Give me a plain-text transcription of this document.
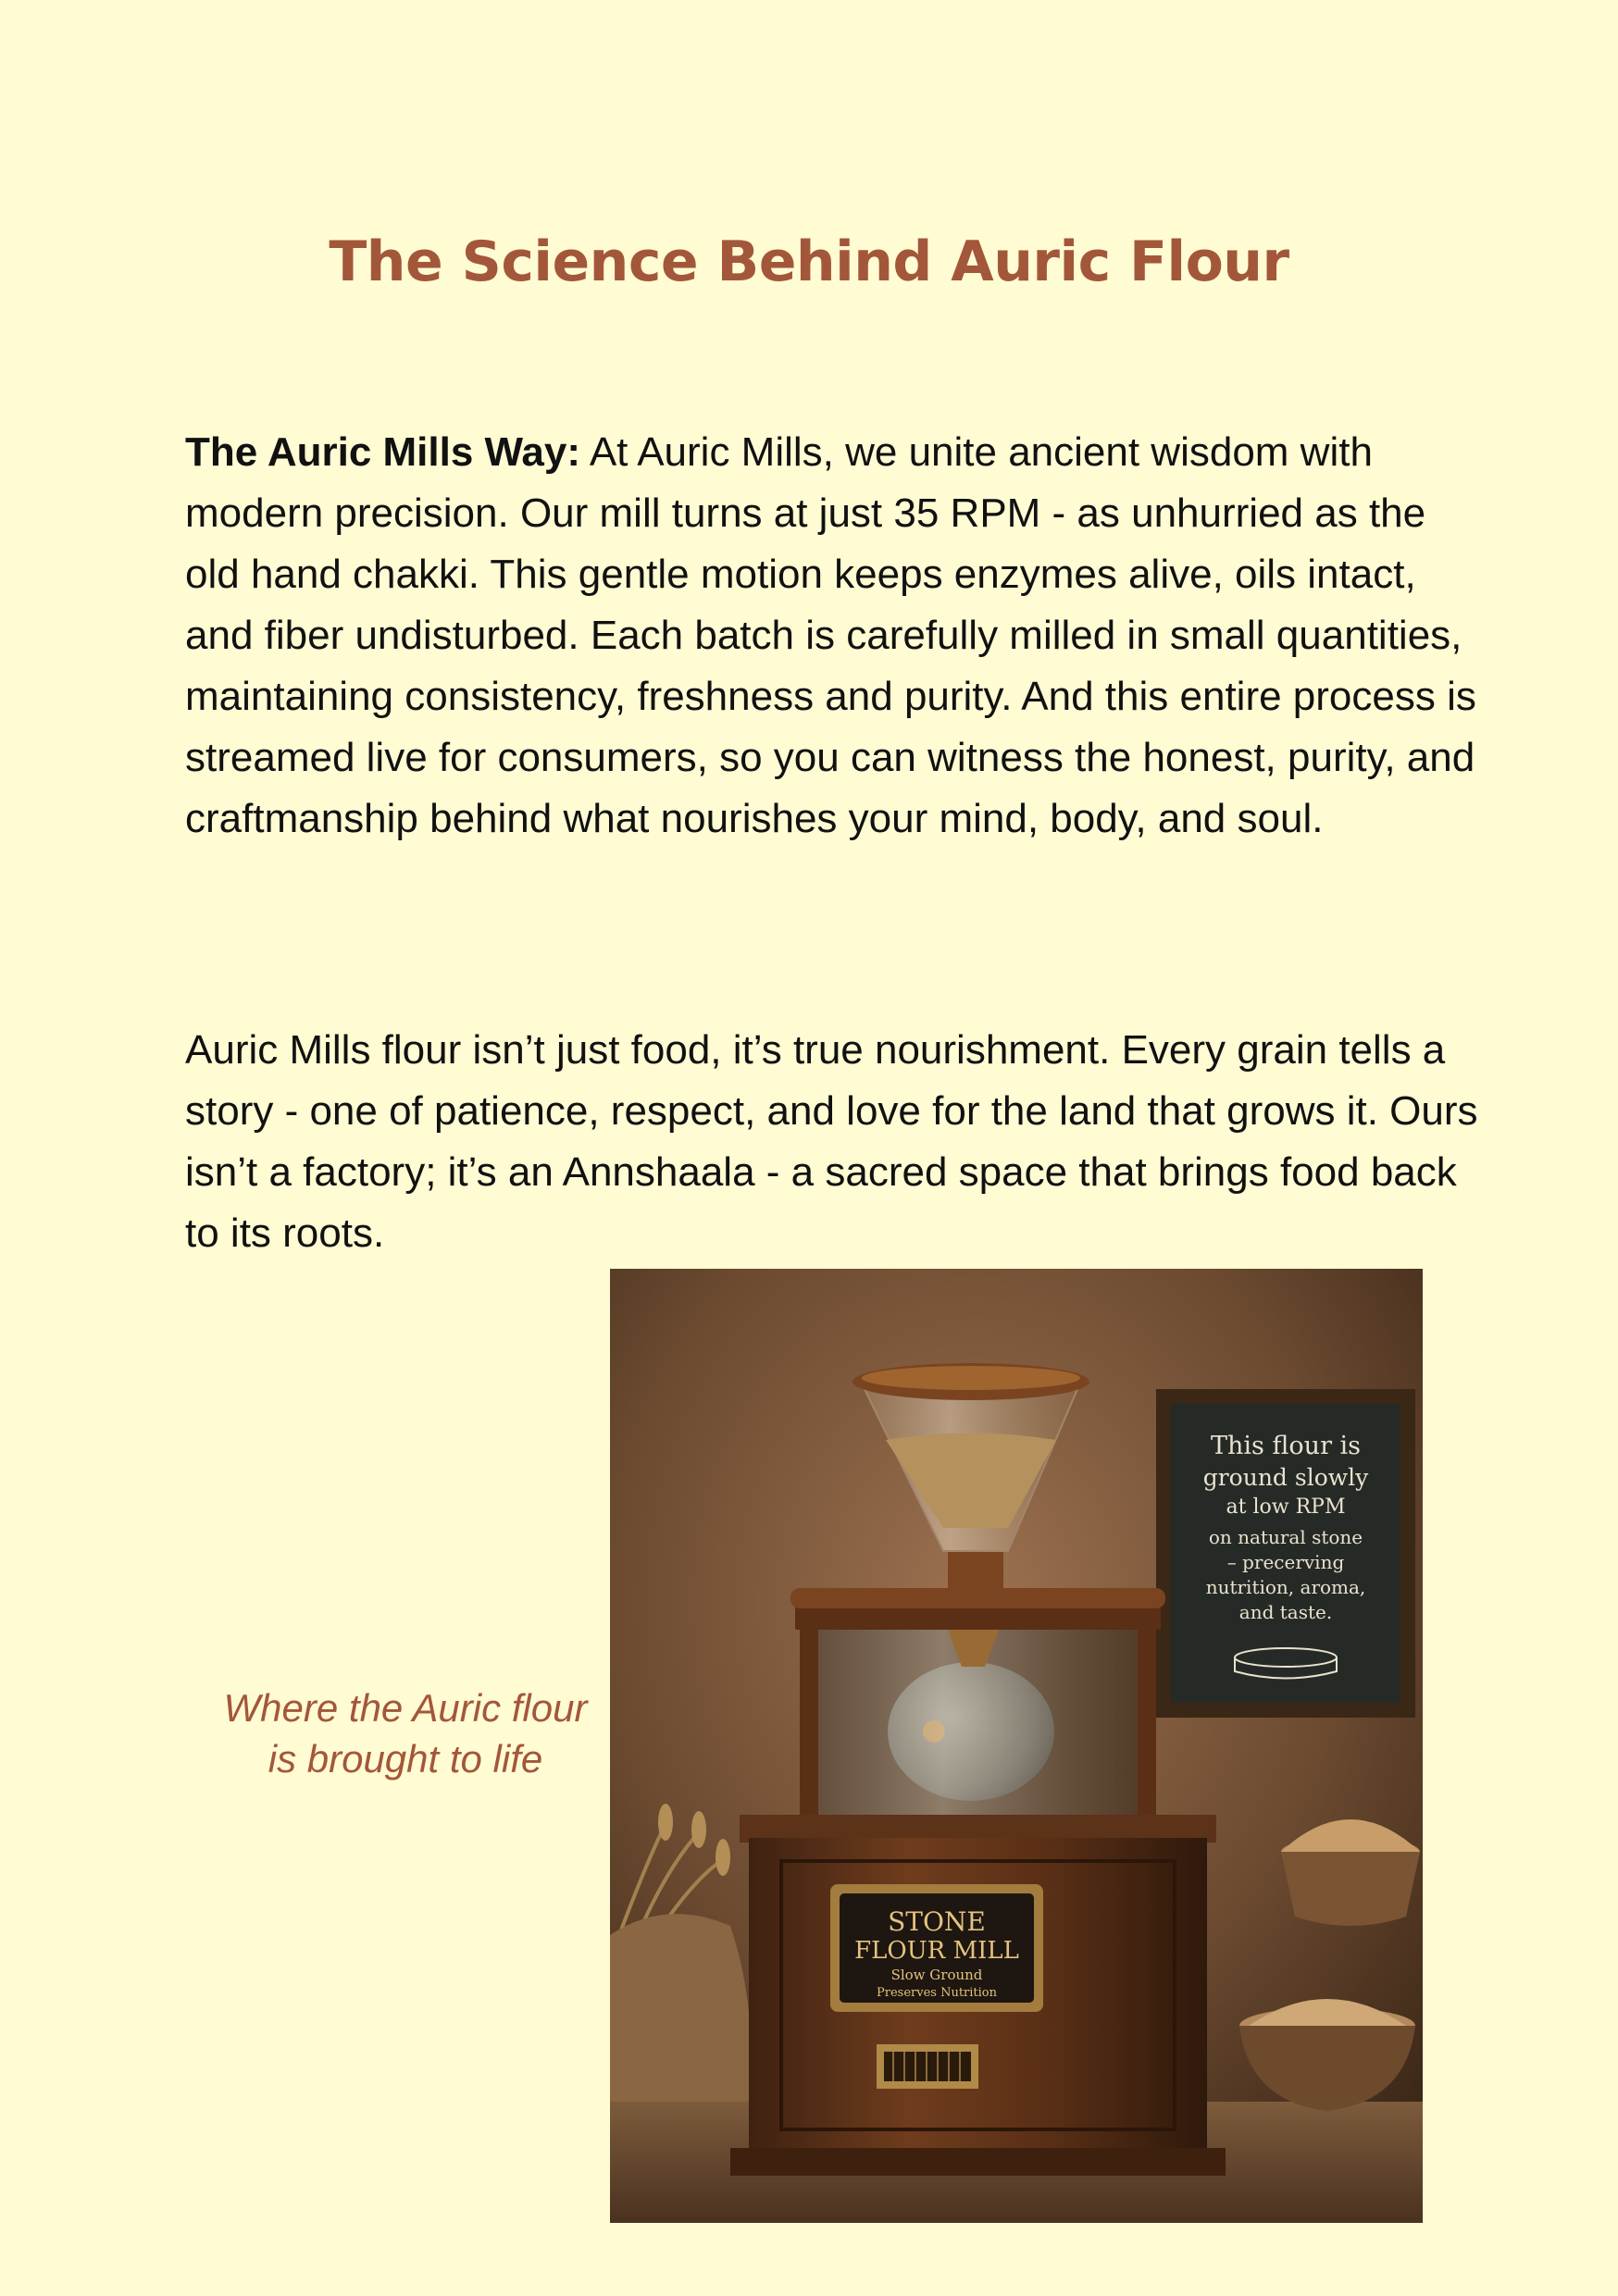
The Science Behind Auric Flour
The Auric Mills Way: At Auric Mills, we unite ancient wisdom with modern precision. Our mill turns at just 35 RPM - as unhurried as the old hand chakki. This gentle motion keeps enzymes alive, oils intact, and fiber undisturbed. Each batch is carefully milled in small quantities, maintaining consistency, freshness and purity. And this entire process is streamed live for consumers, so you can witness the honest, purity, and craftmanship behind what nourishes your mind, body, and soul.
Auric Mills flour isn’t just food, it’s true nourishment. Every grain tells a story - one of patience, respect, and love for the land that grows it. Ours isn’t a factory; it’s an Annshaala - a sacred space that brings food back to its roots.
Where the Auric flour is brought to life
This flour is
ground slowly
at low RPM
on natural stone
– precerving
nutrition, aroma,
and taste.
STONE
FLOUR MILL
Slow Ground
Preserves Nutrition
